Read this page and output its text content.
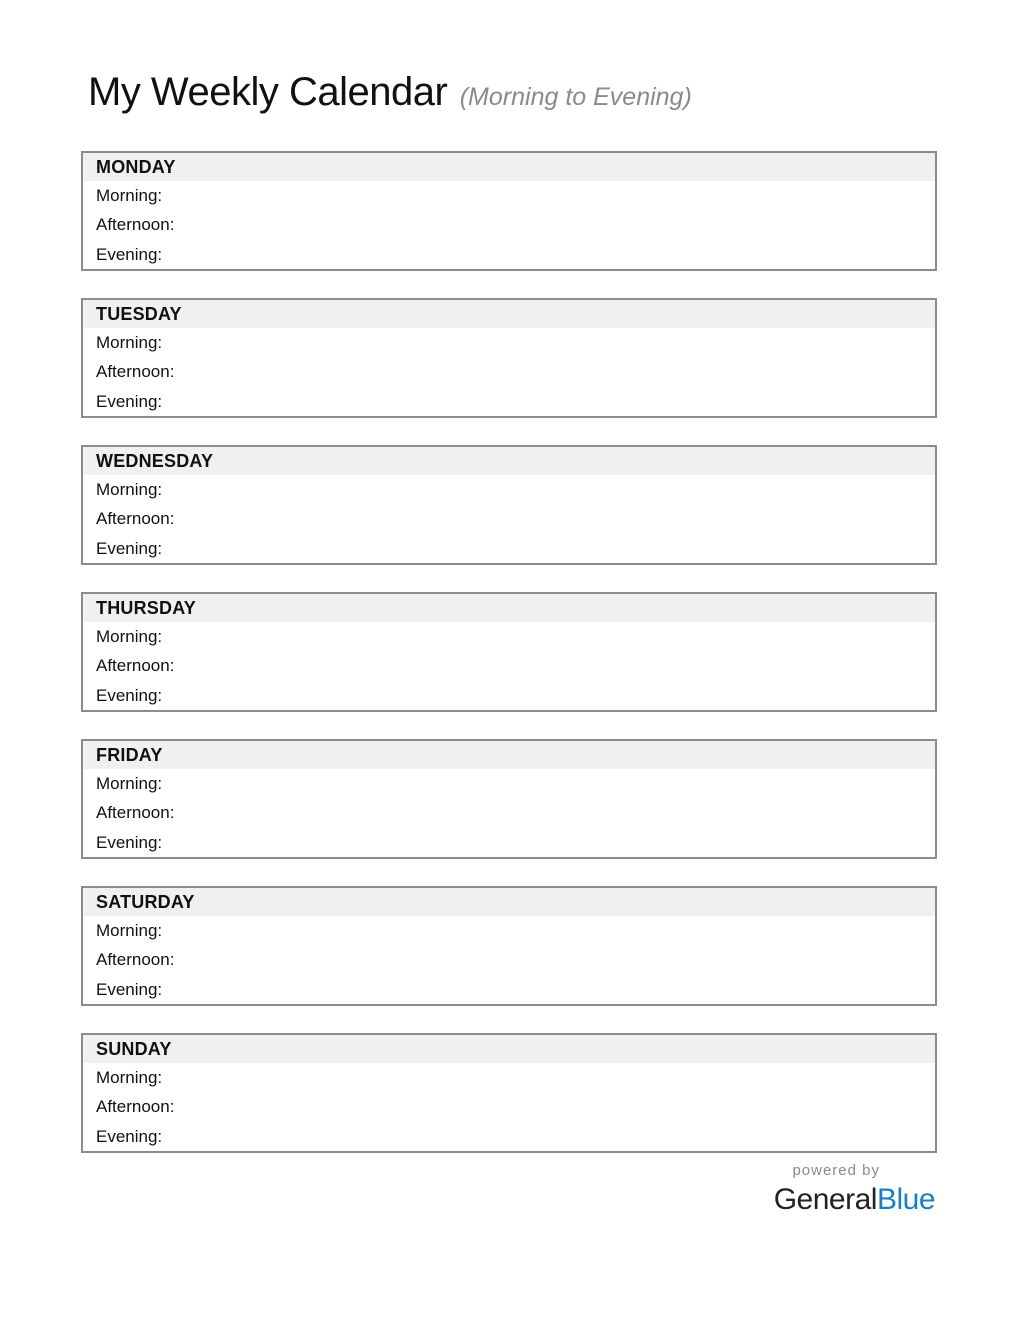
My Weekly Calendar (Morning to Evening)
MONDAY
Morning:
Afternoon:
Evening:
TUESDAY
Morning:
Afternoon:
Evening:
WEDNESDAY
Morning:
Afternoon:
Evening:
THURSDAY
Morning:
Afternoon:
Evening:
FRIDAY
Morning:
Afternoon:
Evening:
SATURDAY
Morning:
Afternoon:
Evening:
SUNDAY
Morning:
Afternoon:
Evening:
powered by
GeneralBlue
